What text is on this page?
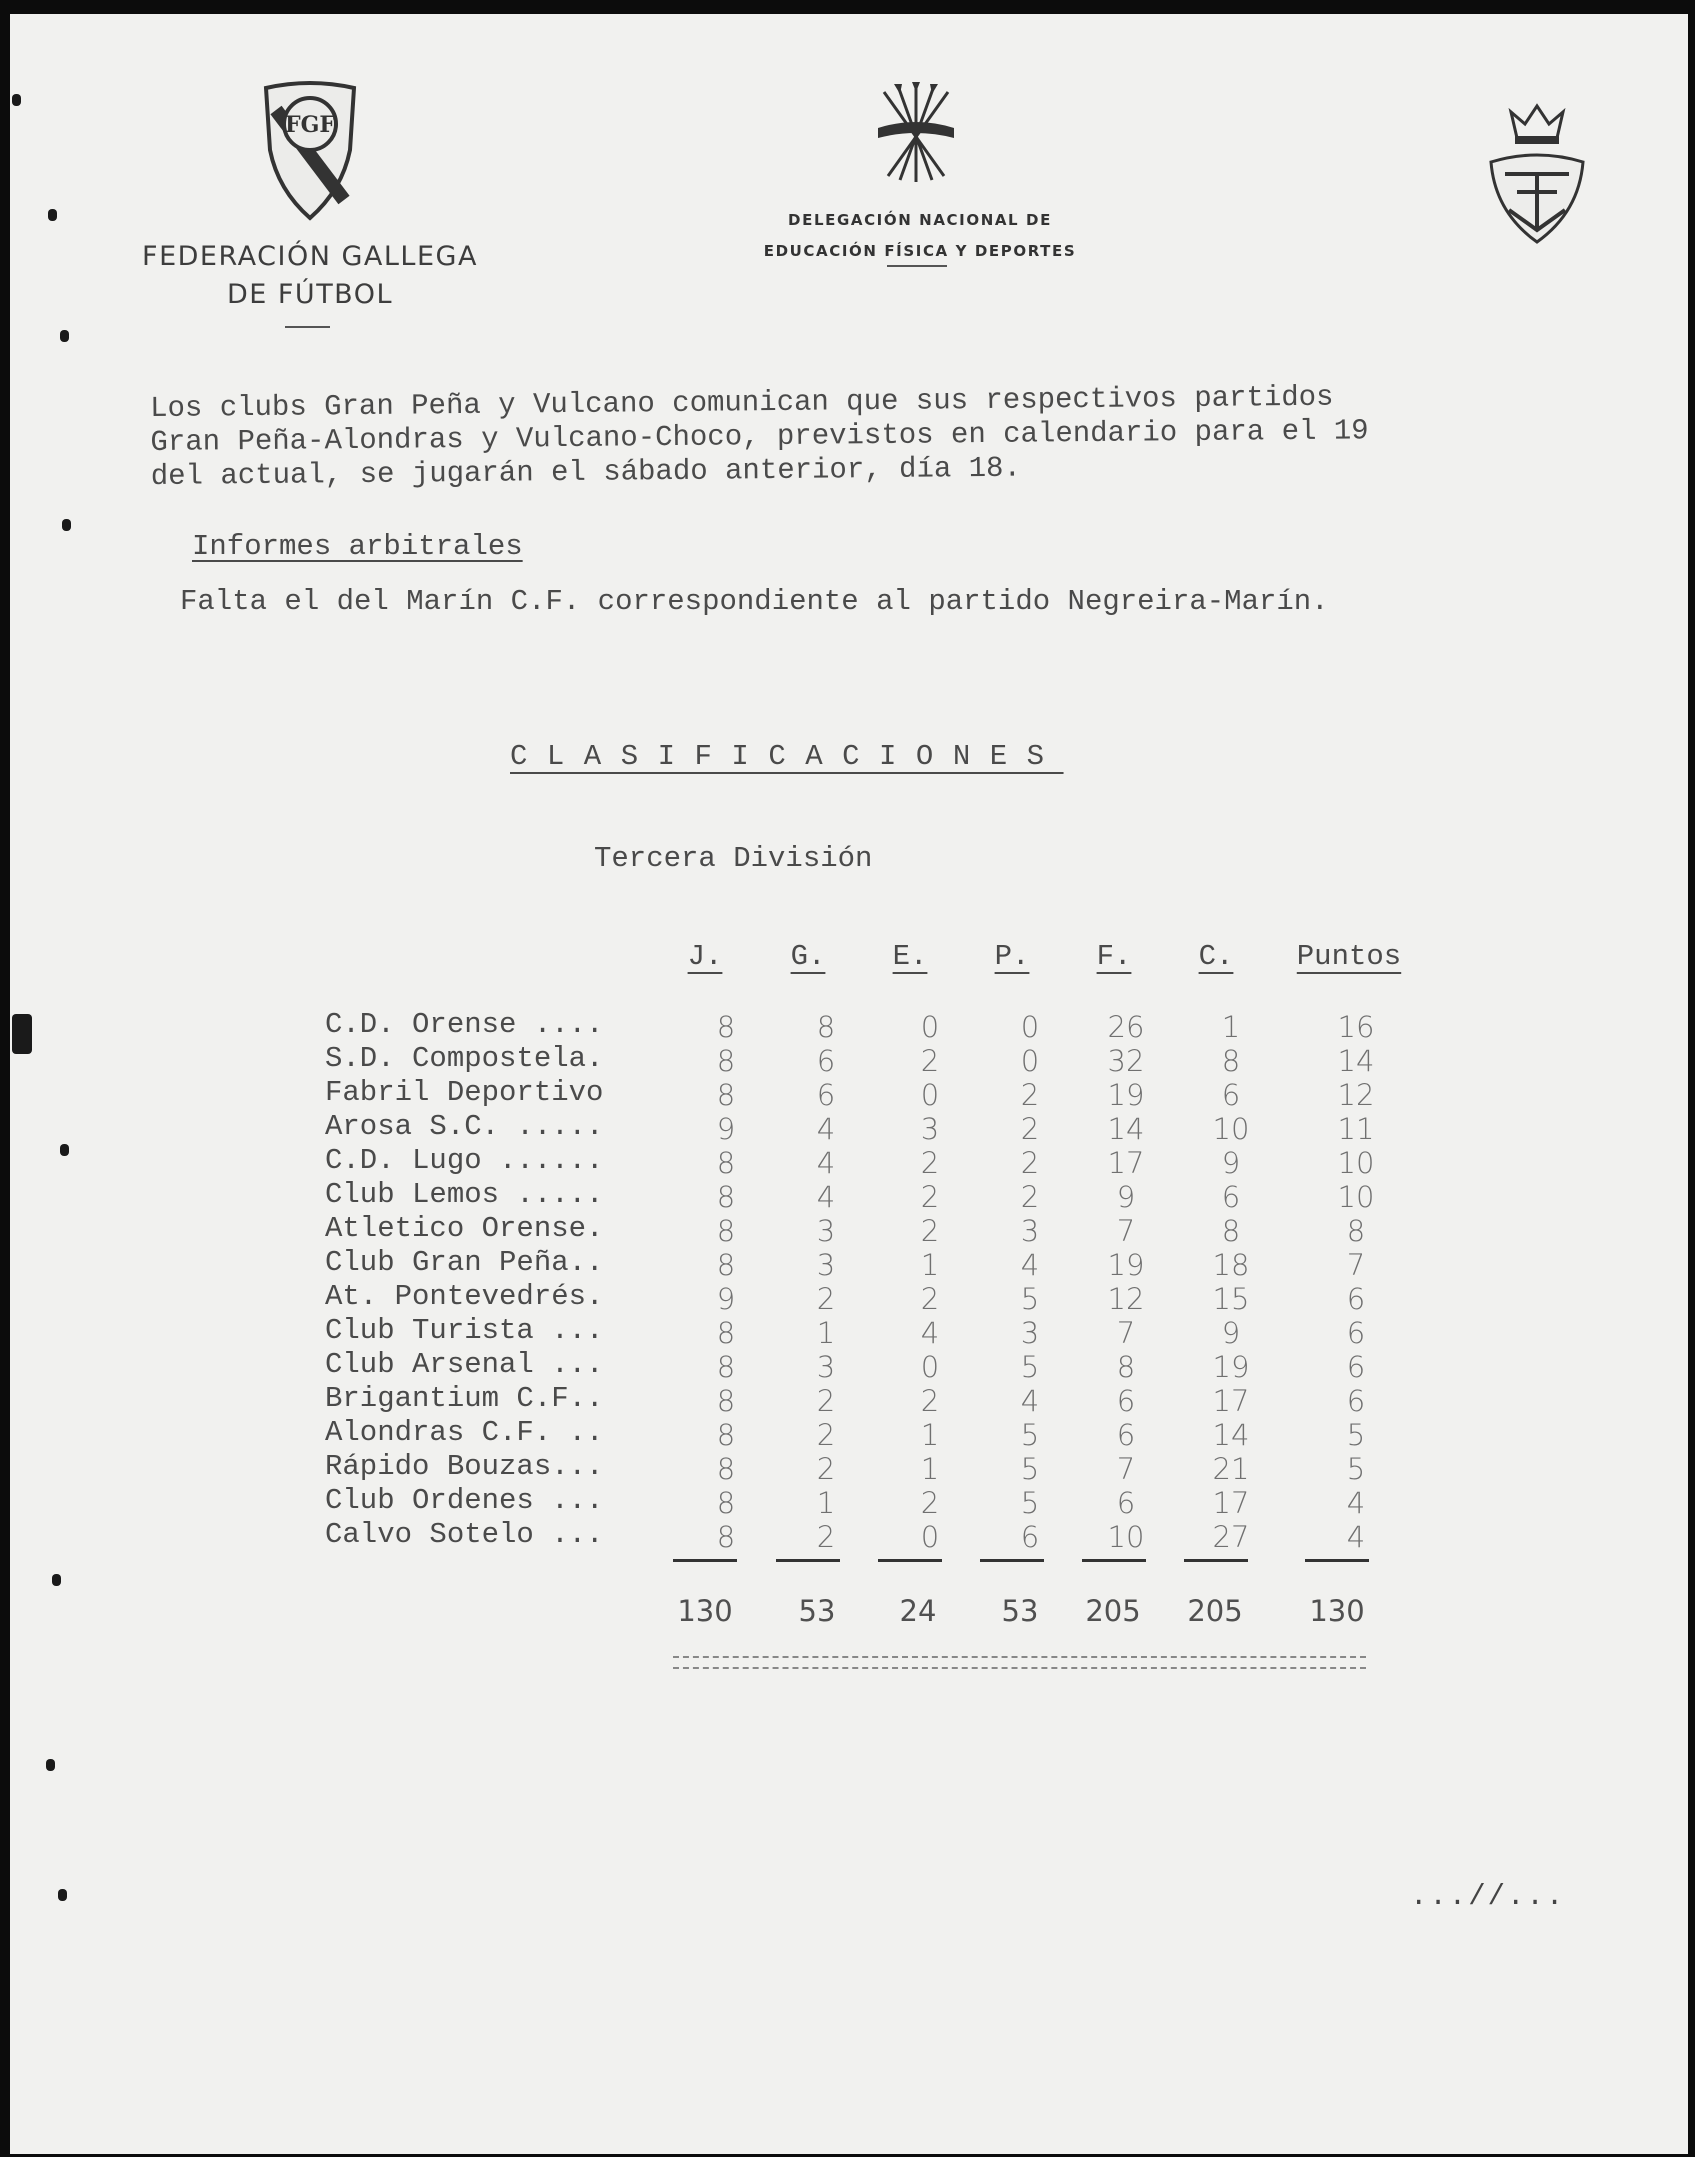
FGF
FEDERACIÓN GALLEGA
DE FÚTBOL
DELEGACIÓN NACIONAL DE
EDUCACIÓN FÍSICA Y DEPORTES
Los clubs Gran Peña y Vulcano comunican que sus respectivos partidos
Gran Peña-Alondras y Vulcano-Choco, previstos en calendario para el 19
del actual, se jugarán el sábado anterior, día 18.
Informes arbitrales
Falta el del Marín C.F. correspondiente al partido Negreira-Marín.
CLASIFICACIONES
Tercera División
J.	G.	E.	P.	F.	C.	Puntos
C.D. Orense ....	8	8	0	0	26	1	16
S.D. Compostela.	8	6	2	0	32	8	14
Fabril Deportivo	8	6	0	2	19	6	12
Arosa S.C. .....	9	4	3	2	14	10	11
C.D. Lugo ......	8	4	2	2	17	9	10
Club Lemos .....	8	4	2	2	9	6	10
Atletico Orense.	8	3	2	3	7	8	8
Club Gran Peña..	8	3	1	4	19	18	7
At. Pontevedrés.	9	2	2	5	12	15	6
Club Turista ...	8	1	4	3	7	9	6
Club Arsenal ...	8	3	0	5	8	19	6
Brigantium C.F..	8	2	2	4	6	17	6
Alondras C.F. ..	8	2	1	5	6	14	5
Rápido Bouzas...	8	2	1	5	7	21	5
Club Ordenes ...	8	1	2	5	6	17	4
Calvo Sotelo ...	8	2	0	6	10	27	4
130	53	24	53	205	205	130
...//...
